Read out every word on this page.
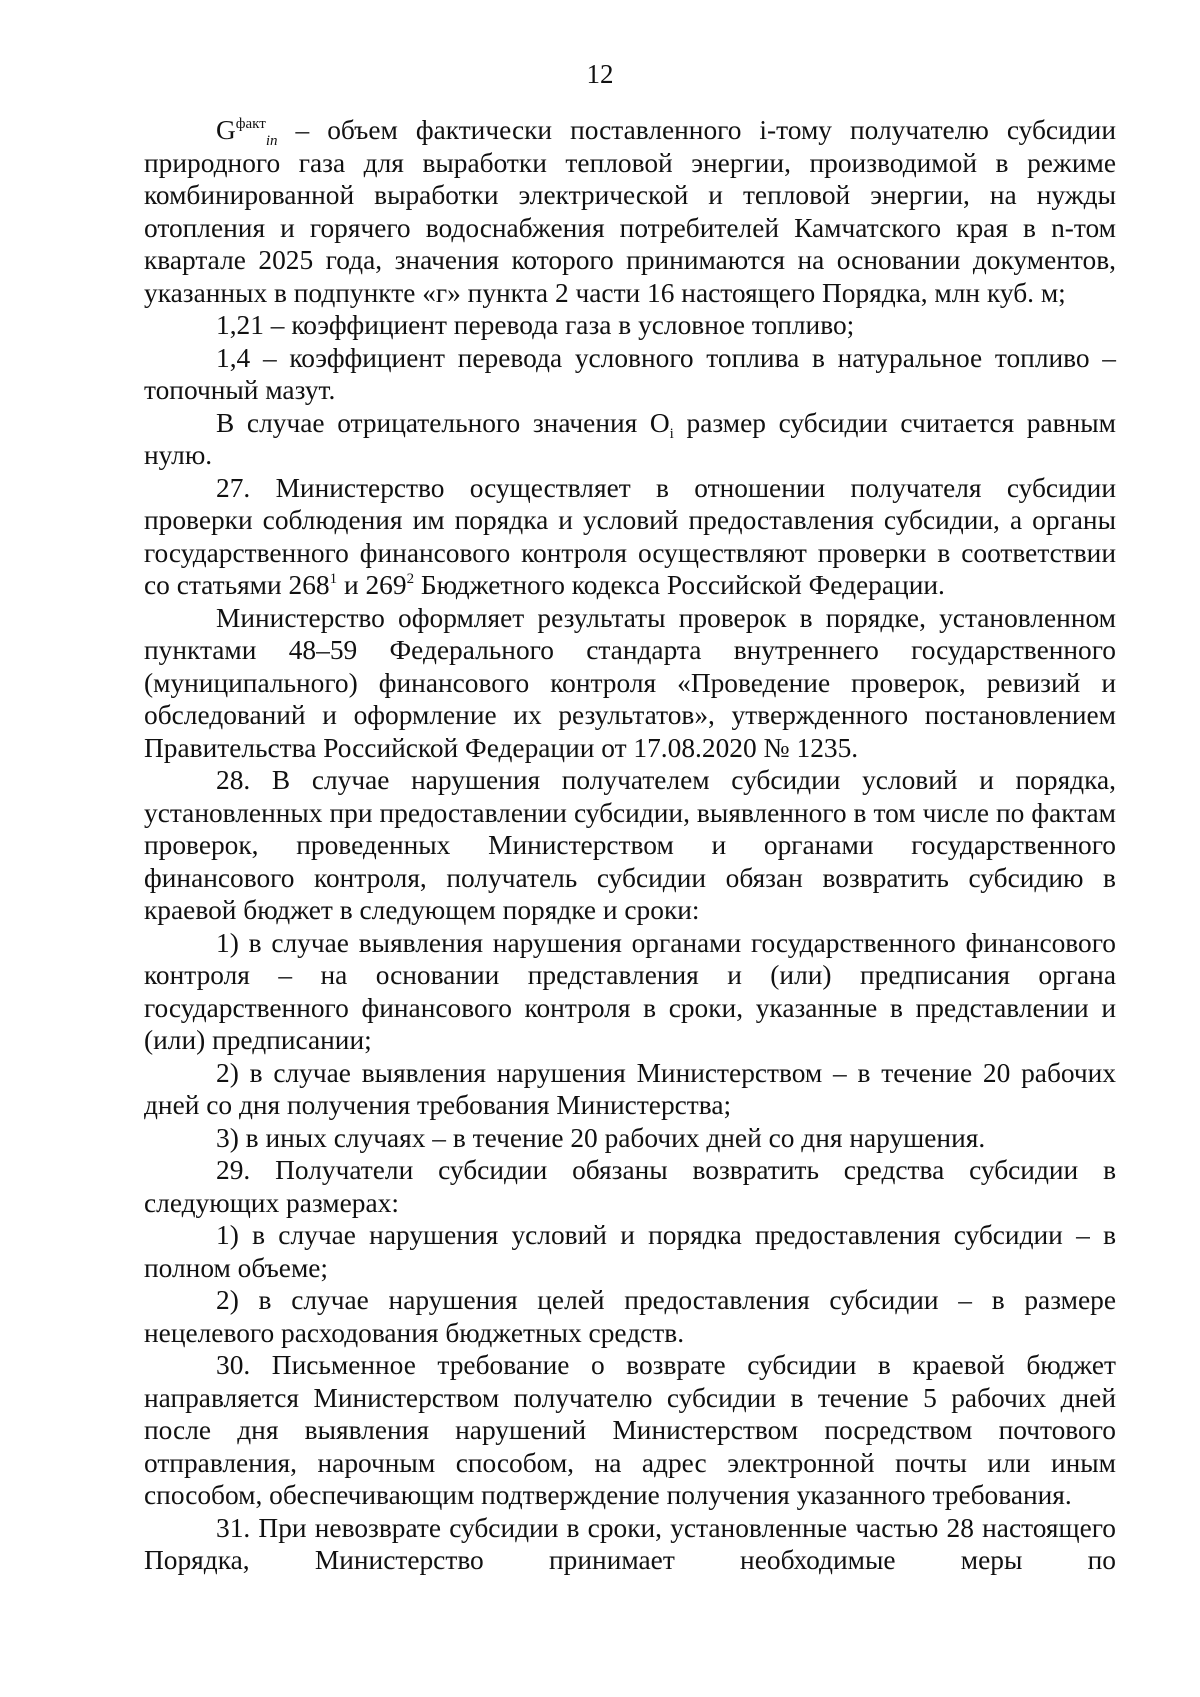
12

$G^{факт}_{in}$ – объем фактически поставленного i-тому получателю субсидии природного газа для выработки тепловой энергии, производимой в режиме комбинированной выработки электрической и тепловой энергии, на нужды отопления и горячего водоснабжения потребителей Камчатского края в n-том квартале 2025 года, значения которого принимаются на основании документов, указанных в подпункте «г» пункта 2 части 16 настоящего Порядка, млн куб. м;

1,21 – коэффициент перевода газа в условное топливо;

1,4 – коэффициент перевода условного топлива в натуральное топливо – топочный мазут.

В случае отрицательного значения $O_i$ размер субсидии считается равным нулю.

27. Министерство осуществляет в отношении получателя субсидии проверки соблюдения им порядка и условий предоставления субсидии, а органы государственного финансового контроля осуществляют проверки в соответствии со статьями $268^1$ и $269^2$ Бюджетного кодекса Российской Федерации.

Министерство оформляет результаты проверок в порядке, установленном пунктами 48–59 Федерального стандарта внутреннего государственного (муниципального) финансового контроля «Проведение проверок, ревизий и обследований и оформление их результатов», утвержденного постановлением Правительства Российской Федерации от 17.08.2020 № 1235.

28. В случае нарушения получателем субсидии условий и порядка, установленных при предоставлении субсидии, выявленного в том числе по фактам проверок, проведенных Министерством и органами государственного финансового контроля, получатель субсидии обязан возвратить субсидию в краевой бюджет в следующем порядке и сроки:

1) в случае выявления нарушения органами государственного финансового контроля – на основании представления и (или) предписания органа государственного финансового контроля в сроки, указанные в представлении и (или) предписании;

2) в случае выявления нарушения Министерством – в течение 20 рабочих дней со дня получения требования Министерства;

3) в иных случаях – в течение 20 рабочих дней со дня нарушения.

29. Получатели субсидии обязаны возвратить средства субсидии в следующих размерах:

1) в случае нарушения условий и порядка предоставления субсидии – в полном объеме;

2) в случае нарушения целей предоставления субсидии – в размере нецелевого расходования бюджетных средств.

30. Письменное требование о возврате субсидии в краевой бюджет направляется Министерством получателю субсидии в течение 5 рабочих дней после дня выявления нарушений Министерством посредством почтового отправления, нарочным способом, на адрес электронной почты или иным способом, обеспечивающим подтверждение получения указанного требования.

31. При невозврате субсидии в сроки, установленные частью 28 настоящего Порядка, Министерство принимает необходимые меры по
